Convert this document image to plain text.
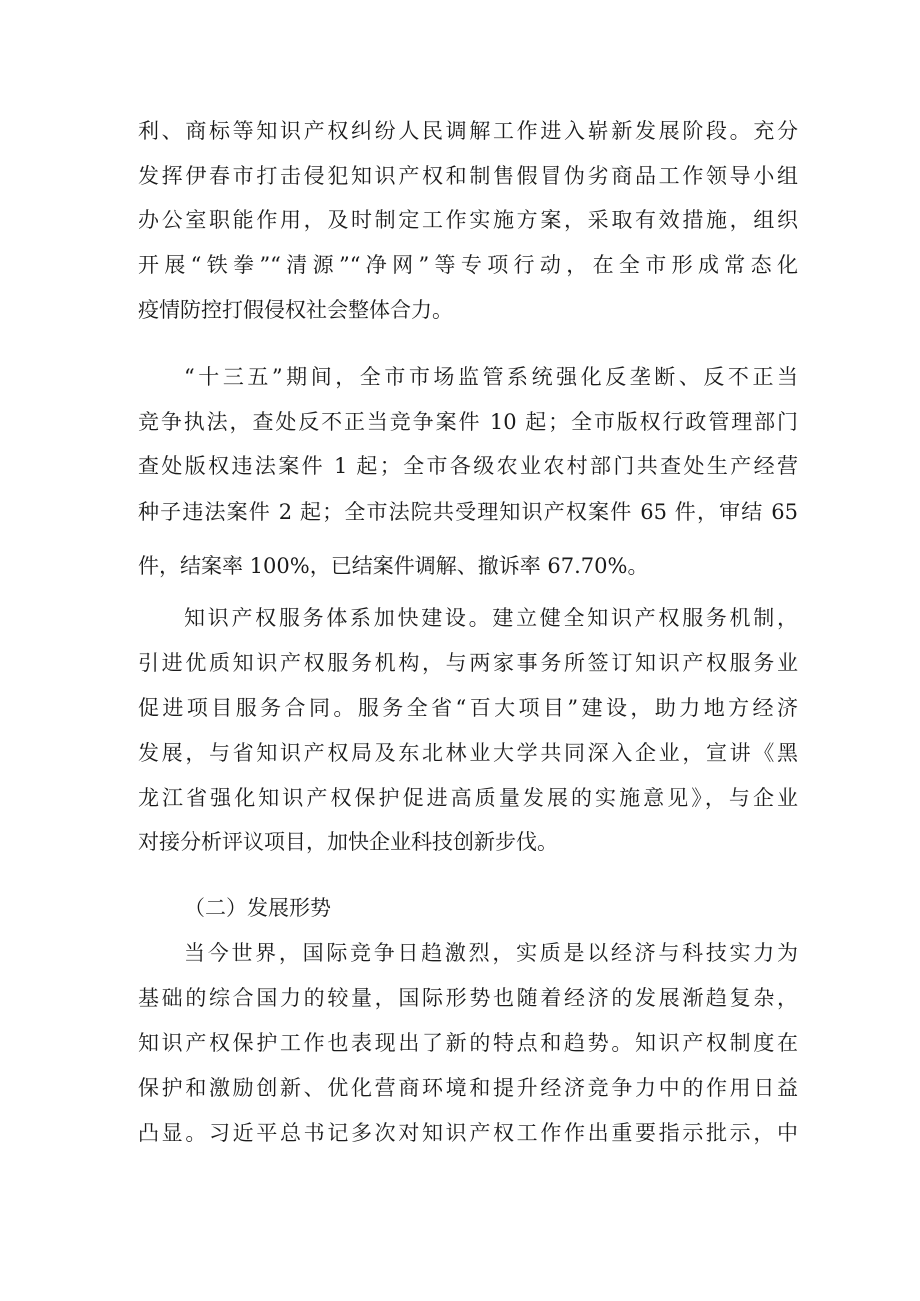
利、商标等知识产权纠纷人民调解工作进入崭新发展阶段。充分
发挥伊春市打击侵犯知识产权和制售假冒伪劣商品工作领导小组
办公室职能作用，及时制定工作实施方案，采取有效措施，组织
开展“铁拳”“清源”“净网”等专项行动，在全市形成常态化
疫情防控打假侵权社会整体合力。
“十三五”期间，全市市场监管系统强化反垄断、反不正当
竞争执法，查处反不正当竞争案件 10 起；全市版权行政管理部门
查处版权违法案件 1 起；全市各级农业农村部门共查处生产经营
种子违法案件 2 起；全市法院共受理知识产权案件 65 件，审结 65
件，结案率 100%，已结案件调解、撤诉率 67.70%。
知识产权服务体系加快建设。建立健全知识产权服务机制，
引进优质知识产权服务机构，与两家事务所签订知识产权服务业
促进项目服务合同。服务全省“百大项目”建设，助力地方经济
发展，与省知识产权局及东北林业大学共同深入企业，宣讲《黑
龙江省强化知识产权保护促进高质量发展的实施意见》，与企业
对接分析评议项目，加快企业科技创新步伐。
（二）发展形势
当今世界，国际竞争日趋激烈，实质是以经济与科技实力为
基础的综合国力的较量，国际形势也随着经济的发展渐趋复杂，
知识产权保护工作也表现出了新的特点和趋势。知识产权制度在
保护和激励创新、优化营商环境和提升经济竞争力中的作用日益
凸显。习近平总书记多次对知识产权工作作出重要指示批示，中
